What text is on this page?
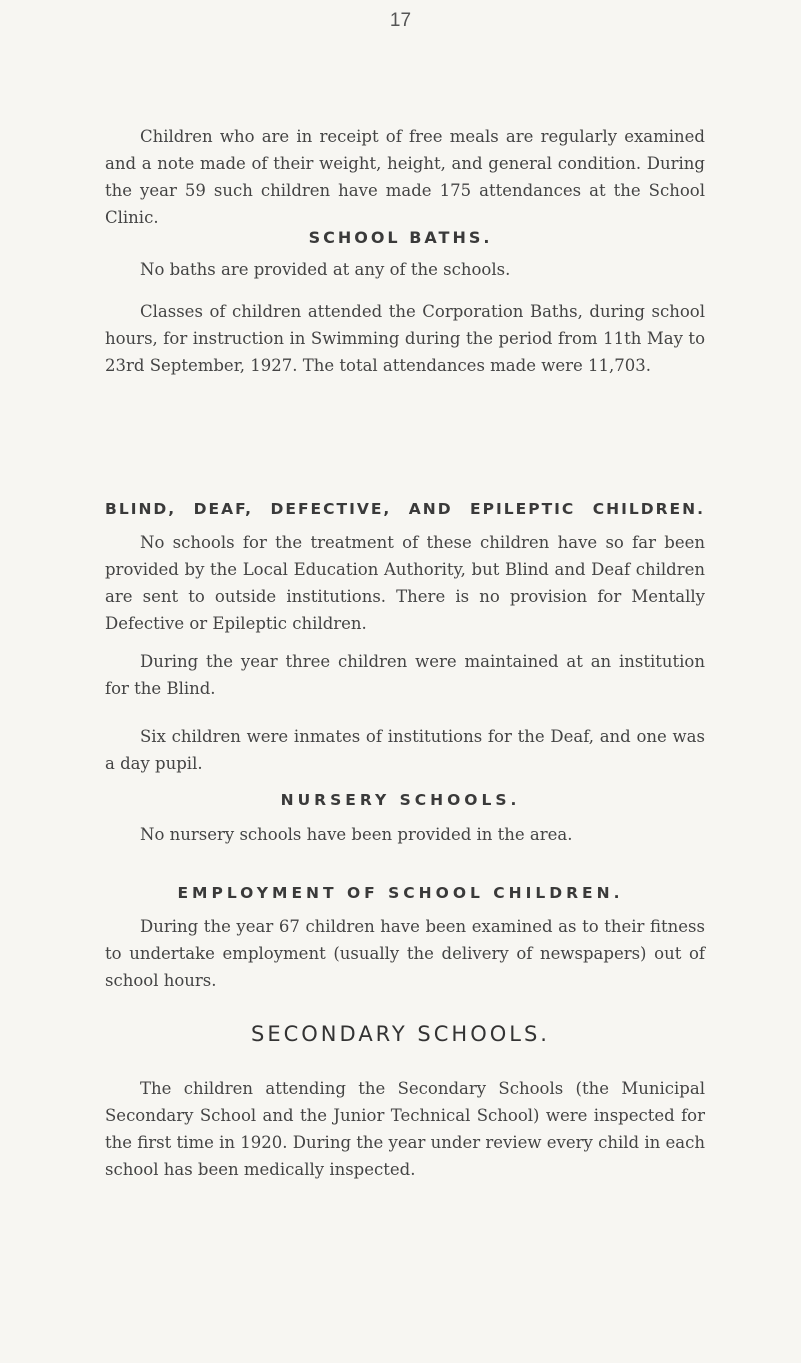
17

Children who are in receipt of free meals are regularly examined and a note made of their weight, height, and general condition. During the year 59 such children have made 175 attendances at the School Clinic.

SCHOOL BATHS.

No baths are provided at any of the schools.

Classes of children attended the Corporation Baths, during school hours, for instruction in Swimming during the period from 11th May to 23rd September, 1927. The total attendances made were 11,703.

BLIND, DEAF, DEFECTIVE, AND EPILEPTIC CHILDREN.

No schools for the treatment of these children have so far been provided by the Local Education Authority, but Blind and Deaf children are sent to outside institutions. There is no provision for Mentally Defective or Epileptic children.

During the year three children were maintained at an institution for the Blind.

Six children were inmates of institutions for the Deaf, and one was a day pupil.

NURSERY SCHOOLS.

No nursery schools have been provided in the area.

EMPLOYMENT OF SCHOOL CHILDREN.

During the year 67 children have been examined as to their fitness to undertake employment (usually the delivery of newspapers) out of school hours.

SECONDARY SCHOOLS.

The children attending the Secondary Schools (the Municipal Secondary School and the Junior Technical School) were inspected for the first time in 1920. During the year under review every child in each school has been medically inspected.
